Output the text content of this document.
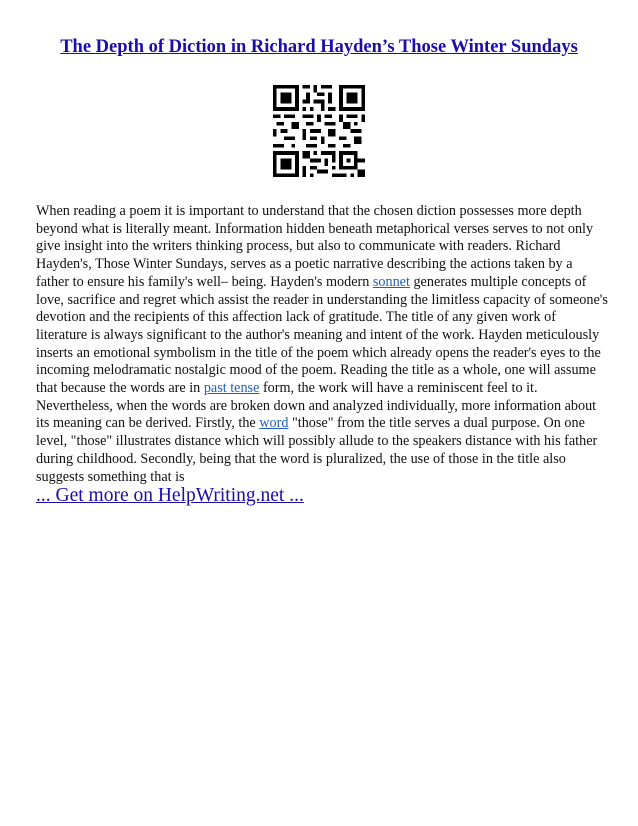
The Depth of Diction in Richard Hayden’s Those Winter Sundays

When reading a poem it is important to understand that the chosen diction possesses more depth
beyond what is literally meant. Information hidden beneath metaphorical verses serves to not only
give insight into the writers thinking process, but also to communicate with readers. Richard
Hayden's, Those Winter Sundays, serves as a poetic narrative describing the actions taken by a
father to ensure his family's well– being. Hayden's modern sonnet generates multiple concepts of
love, sacrifice and regret which assist the reader in understanding the limitless capacity of someone's
devotion and the recipients of this affection lack of gratitude. The title of any given work of
literature is always significant to the author's meaning and intent of the work. Hayden meticulously
inserts an emotional symbolism in the title of the poem which already opens the reader's eyes to the
incoming melodramatic nostalgic mood of the poem. Reading the title as a whole, one will assume
that because the words are in past tense form, the work will have a reminiscent feel to it.
Nevertheless, when the words are broken down and analyzed individually, more information about
its meaning can be derived. Firstly, the word "those" from the title serves a dual purpose. On one
level, "those" illustrates distance which will possibly allude to the speakers distance with his father
during childhood. Secondly, being that the word is pluralized, the use of those in the title also
suggests something that is

... Get more on HelpWriting.net ...
